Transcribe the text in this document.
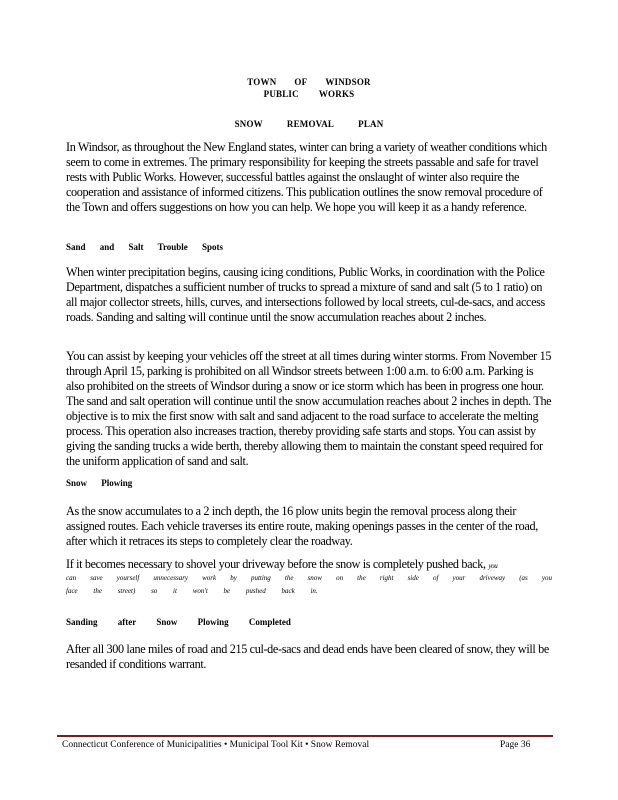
TOWN OF WINDSOR
PUBLIC WORKS
SNOW	REMOVAL	PLAN
In Windsor, as throughout the New England states, winter can bring a variety of weather conditions which seem to come in extremes. The primary responsibility for keeping the streets passable and safe for travel rests with Public Works. However, successful battles against the onslaught of winter also require the cooperation and assistance of informed citizens. This publication outlines the snow removal procedure of the Town and offers suggestions on how you can help. We hope you will keep it as a handy reference.
Sand and Salt Trouble Spots
When winter precipitation begins, causing icing conditions, Public Works, in coordination with the Police Department, dispatches a sufficient number of trucks to spread a mixture of sand and salt (5 to 1 ratio) on all major collector streets, hills, curves, and intersections followed by local streets, cul-de-sacs, and access roads. Sanding and salting will continue until the snow accumulation reaches about 2 inches.
You can assist by keeping your vehicles off the street at all times during winter storms. From November 15 through April 15, parking is prohibited on all Windsor streets between 1:00 a.m. to 6:00 a.m. Parking is also prohibited on the streets of Windsor during a snow or ice storm which has been in progress one hour. The sand and salt operation will continue until the snow accumulation reaches about 2 inches in depth. The objective is to mix the first snow with salt and sand adjacent to the road surface to accelerate the melting process. This operation also increases traction, thereby providing safe starts and stops. You can assist by giving the sanding trucks a wide berth, thereby allowing them to maintain the constant speed required for the uniform application of sand and salt.
Snow Plowing
As the snow accumulates to a 2 inch depth, the 16 plow units begin the removal process along their assigned routes. Each vehicle traverses its entire route, making openings passes in the center of the road, after which it retraces its steps to completely clear the roadway.
If it becomes necessary to shovel your driveway before the snow is completely pushed back, you
can save yourself unnecessary work by putting the snow on the right side of your driveway (as you
face the street) so it won't be pushed back in.
Sanding after Snow Plowing Completed
After all 300 lane miles of road and 215 cul-de-sacs and dead ends have been cleared of snow, they will be resanded if conditions warrant.
Connecticut Conference of Municipalities • Municipal Tool Kit • Snow Removal	Page 36
